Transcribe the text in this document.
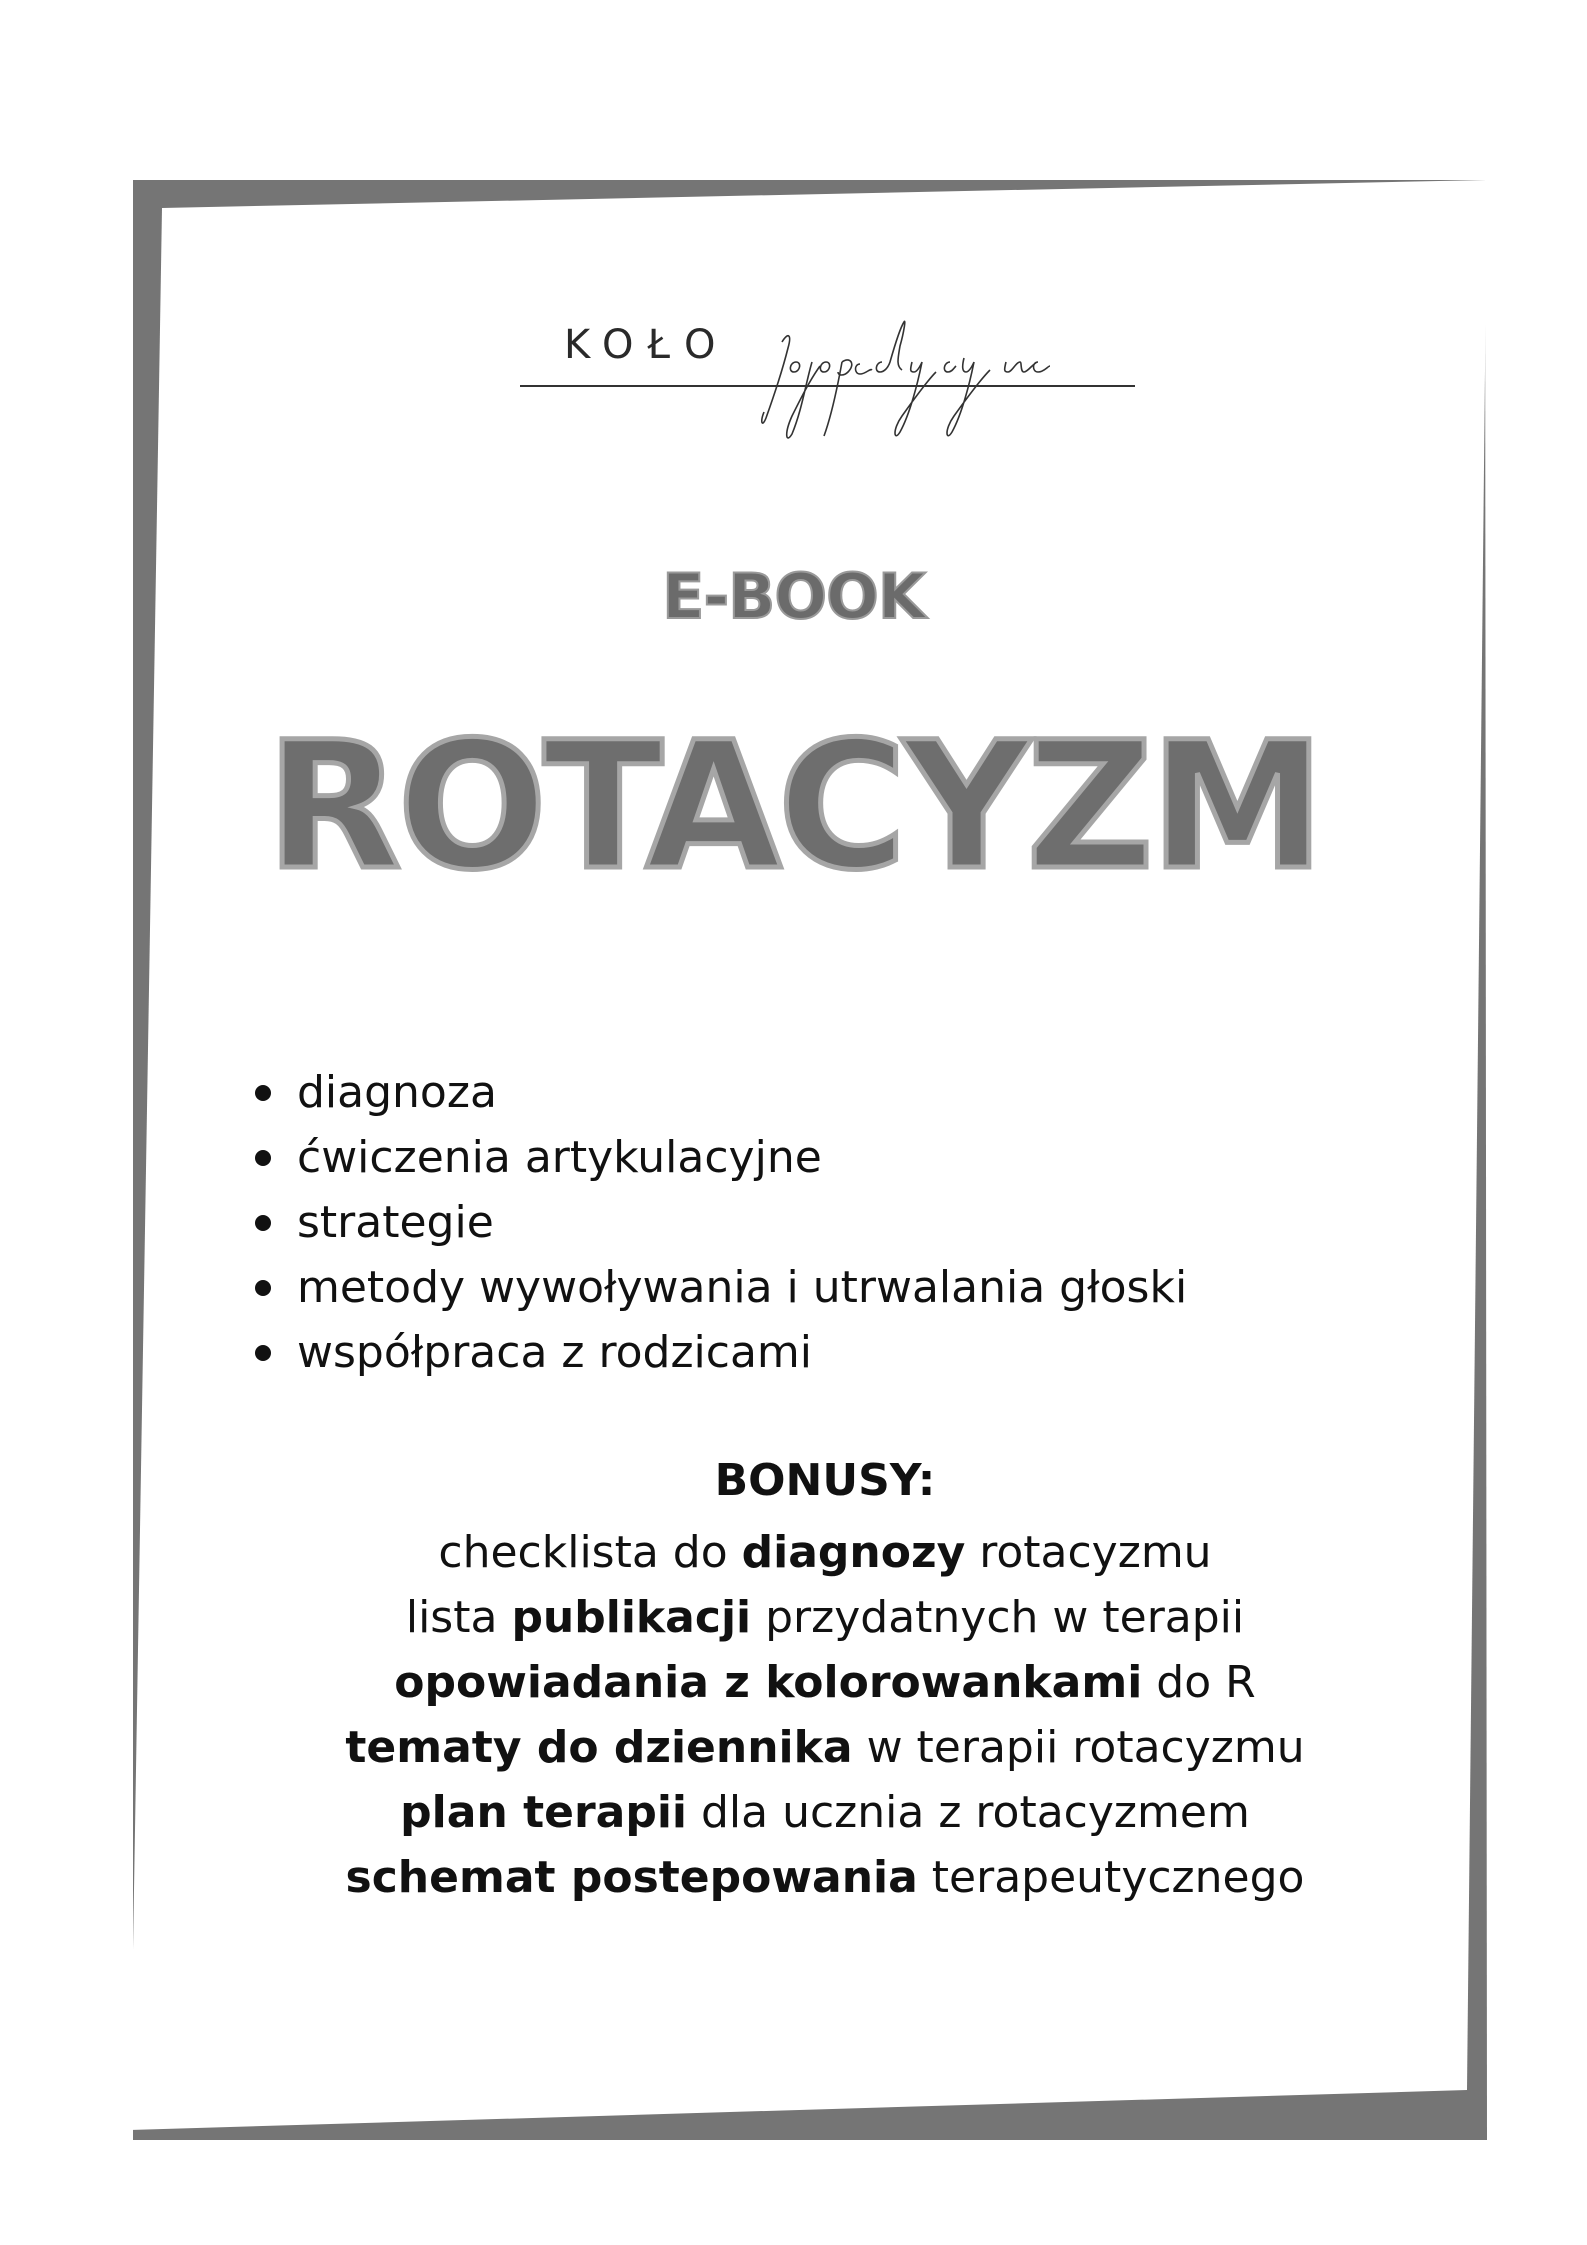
KOŁO
E-BOOK
ROTACYZM
diagnoza
ćwiczenia artykulacyjne
strategie
metody wywoływania i utrwalania głoski
współpraca z rodzicami
BONUSY:
checklista do diagnozy rotacyzmu
lista publikacji przydatnych w terapii
opowiadania z kolorowankami do R
tematy do dziennika w terapii rotacyzmu
plan terapii dla ucznia z rotacyzmem
schemat postepowania terapeutycznego
